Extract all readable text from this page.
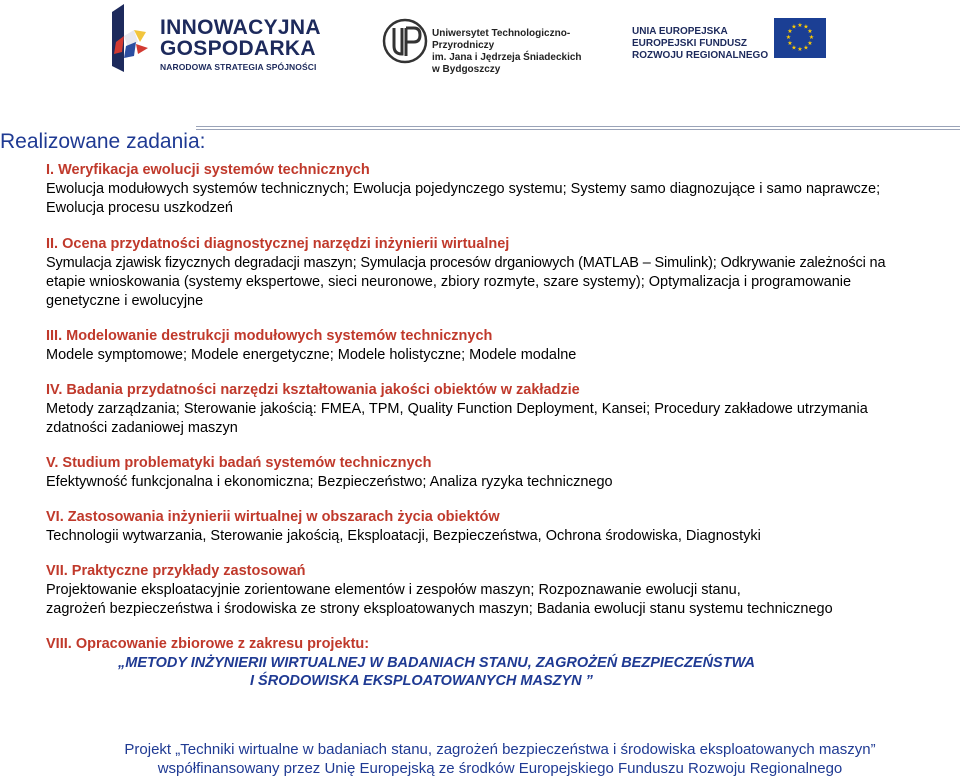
INNOWACYJNA
GOSPODARKA
NARODOWA STRATEGIA SPÓJNOŚCI
Uniwersytet Technologiczno-Przyrodniczy
im. Jana i Jędrzeja Śniadeckich
w Bydgoszczy
UNIA EUROPEJSKA
EUROPEJSKI FUNDUSZ
ROZWOJU REGIONALNEGO
★ ★
★
★
★
★
★
★
★
★
★
★
Realizowane zadania:
I. Weryfikacja ewolucji systemów technicznych
Ewolucja modułowych systemów technicznych; Ewolucja pojedynczego systemu; Systemy samo diagnozujące i samo naprawcze;
Ewolucja procesu uszkodzeń
II. Ocena przydatności diagnostycznej narzędzi inżynierii wirtualnej
Symulacja zjawisk fizycznych degradacji maszyn; Symulacja procesów drganiowych (MATLAB – Simulink); Odkrywanie zależności na
etapie wnioskowania (systemy ekspertowe, sieci neuronowe, zbiory rozmyte, szare systemy); Optymalizacja i programowanie
genetyczne i ewolucyjne
III. Modelowanie destrukcji modułowych systemów technicznych
Modele symptomowe; Modele energetyczne; Modele holistyczne; Modele modalne
IV. Badania przydatności narzędzi kształtowania jakości obiektów w zakładzie
Metody zarządzania; Sterowanie jakością: FMEA, TPM, Quality Function Deployment, Kansei; Procedury zakładowe utrzymania
zdatności zadaniowej maszyn
V. Studium problematyki badań systemów technicznych
Efektywność funkcjonalna i ekonomiczna; Bezpieczeństwo; Analiza ryzyka technicznego
VI. Zastosowania inżynierii wirtualnej w obszarach życia obiektów
Technologii wytwarzania, Sterowanie jakością, Eksploatacji, Bezpieczeństwa, Ochrona środowiska, Diagnostyki
VII. Praktyczne przykłady zastosowań
Projektowanie eksploatacyjnie zorientowane elementów i zespołów maszyn; Rozpoznawanie ewolucji stanu,
zagrożeń bezpieczeństwa i środowiska ze strony eksploatowanych maszyn; Badania ewolucji stanu systemu technicznego
VIII. Opracowanie zbiorowe z zakresu projektu:
„METODY INŻYNIERII WIRTUALNEJ W BADANIACH STANU, ZAGROŻEŃ BEZPIECZEŃSTWA
I ŚRODOWISKA EKSPLOATOWANYCH MASZYN ”
Projekt „Techniki wirtualne w badaniach stanu, zagrożeń bezpieczeństwa i środowiska eksploatowanych maszyn”
współfinansowany przez Unię Europejską ze środków Europejskiego Funduszu Rozwoju Regionalnego
